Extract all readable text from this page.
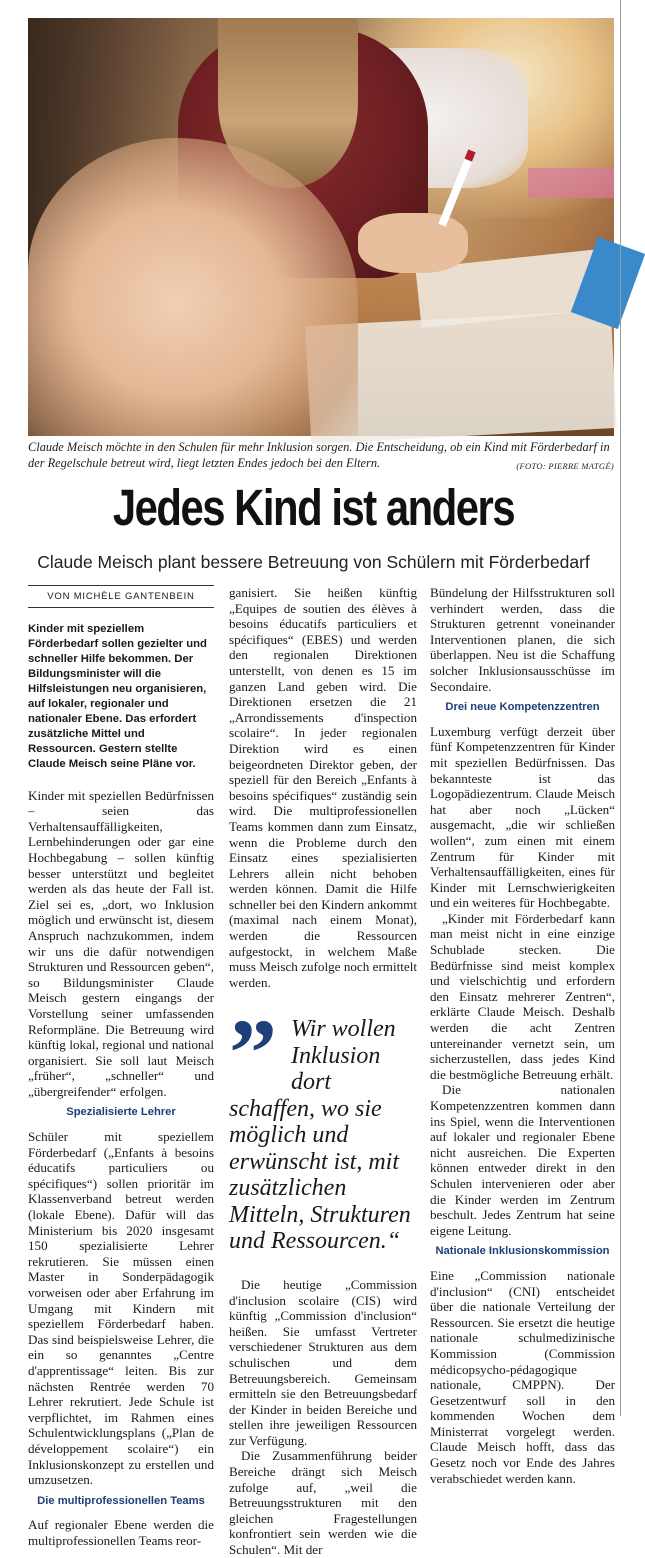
Claude Meisch möchte in den Schulen für mehr Inklusion sorgen. Die Entscheidung, ob ein Kind mit Förderbedarf in der Regelschule betreut wird, liegt letzten Endes jedoch bei den Eltern.	(FOTO: PIERRE MATGÉ)
Jedes Kind ist anders
Claude Meisch plant bessere Betreuung von Schülern mit Förderbedarf
VON MICHÈLE GANTENBEIN

Kinder mit speziellem Förderbedarf sollen gezielter und schneller Hilfe bekommen. Der Bildungsminister will die Hilfsleistungen neu organisieren, auf lokaler, regionaler und nationaler Ebene. Das erfordert zusätzliche Mittel und Ressourcen. Gestern stellte Claude Meisch seine Pläne vor.

Kinder mit speziellen Bedürfnissen – seien das Verhaltensauffälligkeiten, Lernbehinderungen oder gar eine Hochbegabung – sollen künftig besser unterstützt und begleitet werden als das heute der Fall ist. Ziel sei es, „dort, wo Inklusion möglich und erwünscht ist, diesem Anspruch nachzukommen, indem wir uns die dafür notwendigen Strukturen und Ressourcen geben“, so Bildungsminister Claude Meisch gestern eingangs der Vorstellung seiner umfassenden Reformpläne. Die Betreuung wird künftig lokal, regional und national organisiert. Sie soll laut Meisch „früher“, „schneller“ und „übergreifender“ erfolgen.

Spezialisierte Lehrer

Schüler mit speziellem Förderbedarf („Enfants à besoins éducatifs particuliers ou spécifiques“) sollen prioritär im Klassenverband betreut werden (lokale Ebene). Dafür will das Ministerium bis 2020 insgesamt 150 spezialisierte Lehrer rekrutieren. Sie müssen einen Master in Sonderpädagogik vorweisen oder aber Erfahrung im Umgang mit Kindern mit speziellem Förderbedarf haben. Das sind beispielsweise Lehrer, die ein so genanntes „Centre d'apprentissage“ leiten. Bis zur nächsten Rentrée werden 70 Lehrer rekrutiert. Jede Schule ist verpflichtet, im Rahmen eines Schulentwicklungsplans („Plan de développement scolaire“) ein Inklusionskonzept zu erstellen und umzusetzen.

Die multiprofessionellen Teams

Auf regionaler Ebene werden die multiprofessionellen Teams reor-

ganisiert. Sie heißen künftig „Equipes de soutien des élèves à besoins éducatifs particuliers et spécifiques“ (EBES) und werden den regionalen Direktionen unterstellt, von denen es 15 im ganzen Land geben wird. Die Direktionen ersetzen die 21 „Arrondissements d'inspection scolaire“. In jeder regionalen Direktion wird es einen beigeordneten Direktor geben, der speziell für den Bereich „Enfants à besoins spécifiques“ zuständig sein wird. Die multiprofessionellen Teams kommen dann zum Einsatz, wenn die Probleme durch den Einsatz eines spezialisierten Lehrers allein nicht behoben werden können. Damit die Hilfe schneller bei den Kindern ankommt (maximal nach einem Monat), werden die Ressourcen aufgestockt, in welchem Maße muss Meisch zufolge noch ermittelt werden.

” Wir wollen Inklusion dort schaffen, wo sie möglich und erwünscht ist, mit zusätzlichen Mitteln, Strukturen und Ressourcen.“

Die heutige „Commission d'inclusion scolaire (CIS) wird künftig „Commission d'inclusion“ heißen. Sie umfasst Vertreter verschiedener Strukturen aus dem schulischen und dem Betreuungsbereich. Gemeinsam ermitteln sie den Betreuungsbedarf der Kinder in beiden Bereiche und stellen ihre jeweiligen Ressourcen zur Verfügung.

Die Zusammenführung beider Bereiche drängt sich Meisch zufolge auf, „weil die Betreuungsstrukturen mit den gleichen Fragestellungen konfrontiert sein werden wie die Schulen“. Mit der

Bündelung der Hilfsstrukturen soll verhindert werden, dass die Strukturen getrennt voneinander Interventionen planen, die sich überlappen. Neu ist die Schaffung solcher Inklusionsausschüsse im Secondaire.

Drei neue Kompetenzzentren

Luxemburg verfügt derzeit über fünf Kompetenzzentren für Kinder mit speziellen Bedürfnissen. Das bekannteste ist das Logopädiezentrum. Claude Meisch hat aber noch „Lücken“ ausgemacht, „die wir schließen wollen“, zum einen mit einem Zentrum für Kinder mit Verhaltensauffälligkeiten, eines für Kinder mit Lernschwierigkeiten und ein weiteres für Hochbegabte.

„Kinder mit Förderbedarf kann man meist nicht in eine einzige Schublade stecken. Die Bedürfnisse sind meist komplex und vielschichtig und erfordern den Einsatz mehrerer Zentren“, erklärte Claude Meisch. Deshalb werden die acht Zentren untereinander vernetzt sein, um sicherzustellen, dass jedes Kind die bestmögliche Betreuung erhält.

Die nationalen Kompetenzzentren kommen dann ins Spiel, wenn die Interventionen auf lokaler und regionaler Ebene nicht ausreichen. Die Experten können entweder direkt in den Schulen intervenieren oder aber die Kinder werden im Zentrum beschult. Jedes Zentrum hat seine eigene Leitung.

Nationale Inklusionskommission

Eine „Commission nationale d'inclusion“ (CNI) entscheidet über die nationale Verteilung der Ressourcen. Sie ersetzt die heutige nationale schulmedizinische Kommission (Commission médicopsycho-pédagogique nationale, CMPPN). Der Gesetzentwurf soll in den kommenden Wochen dem Ministerrat vorgelegt werden. Claude Meisch hofft, dass das Gesetz noch vor Ende des Jahres verabschiedet werden kann.
